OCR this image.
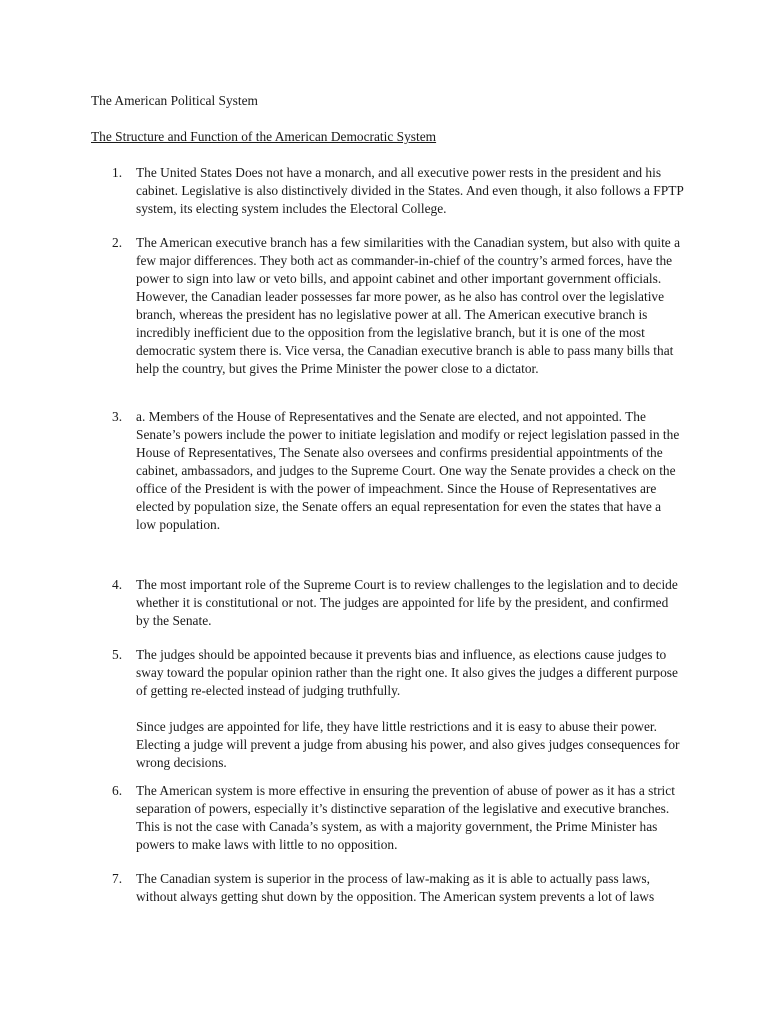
The American Political System
The Structure and Function of the American Democratic System
1.	The United States Does not have a monarch, and all executive power rests in the president and his cabinet. Legislative is also distinctively divided in the States. And even though, it also follows a FPTP system, its electing system includes the Electoral College.

2.	The American executive branch has a few similarities with the Canadian system, but also with quite a few major differences. They both act as commander-in-chief of the country’s armed forces, have the power to sign into law or veto bills, and appoint cabinet and other important government officials. However, the Canadian leader possesses far more power, as he also has control over the legislative branch, whereas the president has no legislative power at all. The American executive branch is incredibly inefficient due to the opposition from the legislative branch, but it is one of the most democratic system there is. Vice versa, the Canadian executive branch is able to pass many bills that help the country, but gives the Prime Minister the power close to a dictator.

3.	a. Members of the House of Representatives and the Senate are elected, and not appointed. The Senate’s powers include the power to initiate legislation and modify or reject legislation passed in the House of Representatives, The Senate also oversees and confirms presidential appointments of the cabinet, ambassadors, and judges to the Supreme Court. One way the Senate provides a check on the office of the President is with the power of impeachment. Since the House of Representatives are elected by population size, the Senate offers an equal representation for even the states that have a low population.

4.	The most important role of the Supreme Court is to review challenges to the legislation and to decide whether it is constitutional or not. The judges are appointed for life by the president, and confirmed by the Senate.

5.	The judges should be appointed because it prevents bias and influence, as elections cause judges to sway toward the popular opinion rather than the right one. It also gives the judges a different purpose of getting re-elected instead of judging truthfully.

Since judges are appointed for life, they have little restrictions and it is easy to abuse their power. Electing a judge will prevent a judge from abusing his power, and also gives judges consequences for wrong decisions.

6.	The American system is more effective in ensuring the prevention of abuse of power as it has a strict separation of powers, especially it’s distinctive separation of the legislative and executive branches. This is not the case with Canada’s system, as with a majority government, the Prime Minister has powers to make laws with little to no opposition.

7.	The Canadian system is superior in the process of law-making as it is able to actually pass laws, without always getting shut down by the opposition. The American system prevents a lot of laws
